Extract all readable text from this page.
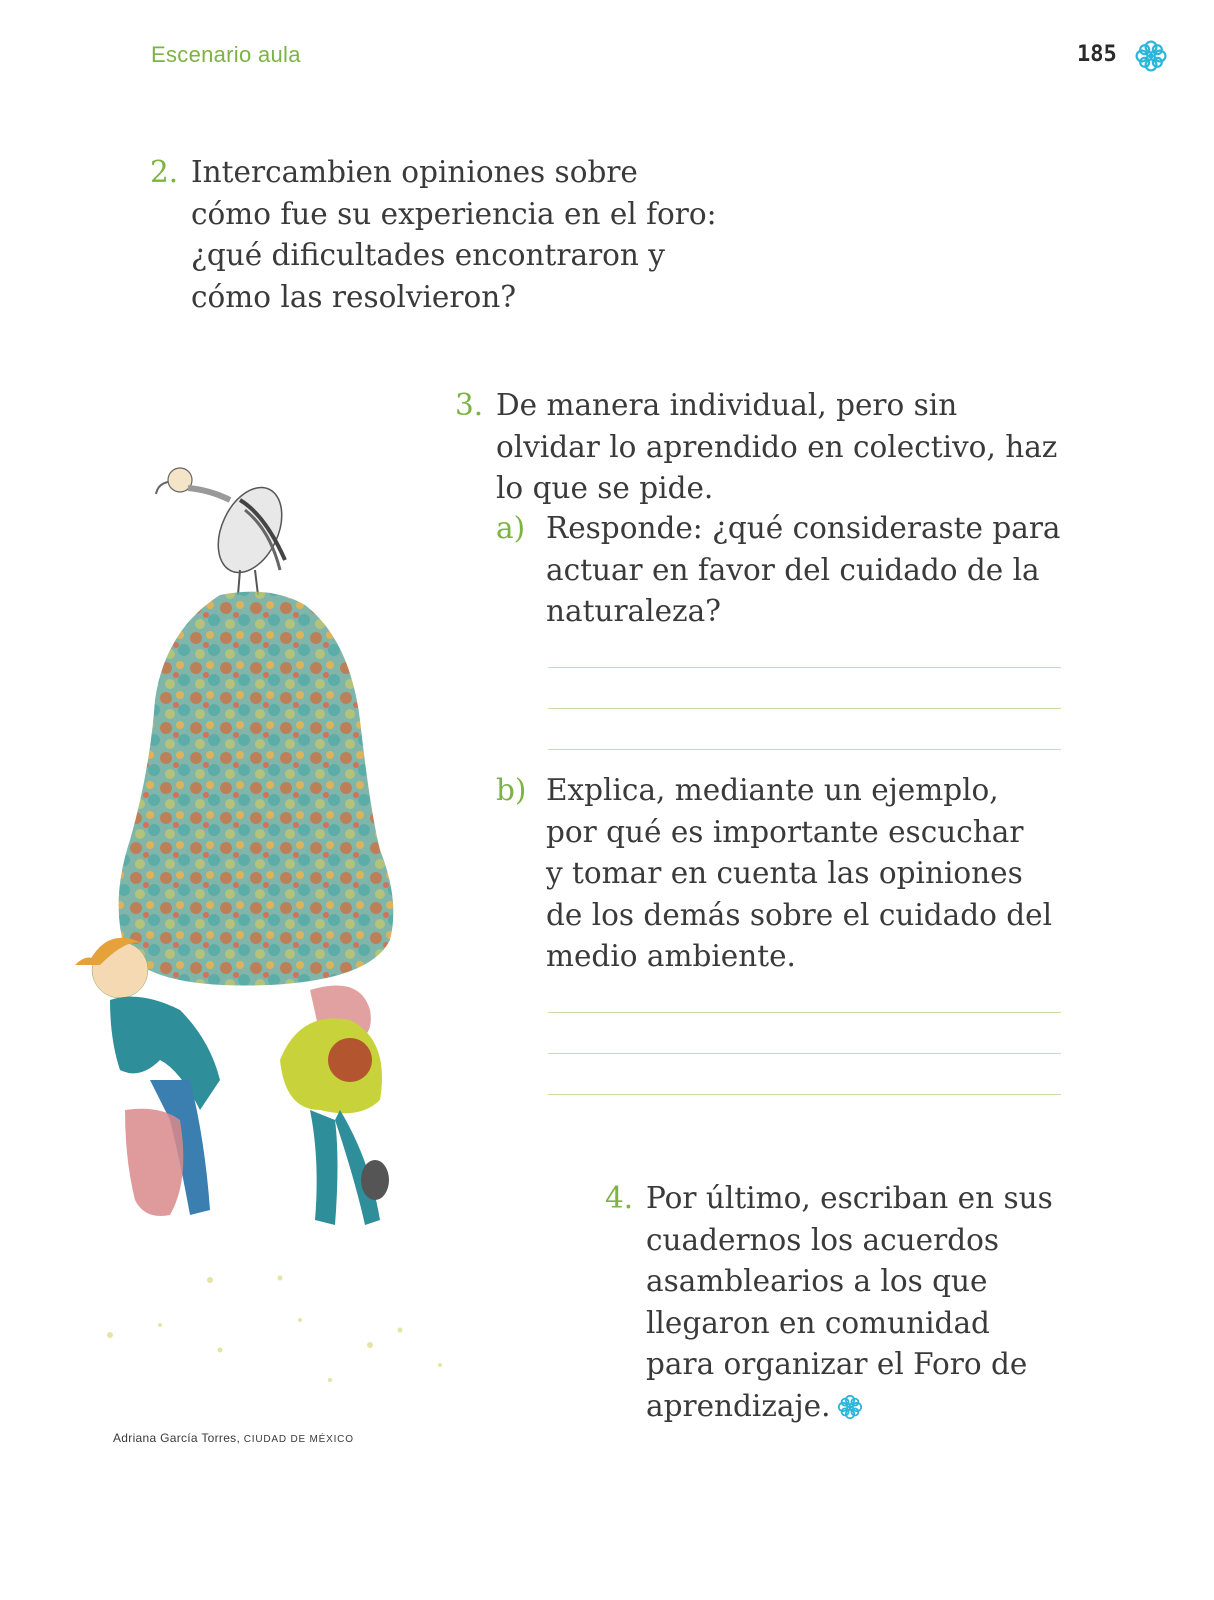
Escenario aula	185
2. Intercambien opiniones sobre
cómo fue su experiencia en el foro:
¿qué dificultades encontraron y
cómo las resolvieron?
3. De manera individual, pero sin
olvidar lo aprendido en colectivo, haz
lo que se pide.
a) Responde: ¿qué consideraste para
actuar en favor del cuidado de la
naturaleza?
b) Explica, mediante un ejemplo,
por qué es importante escuchar
y tomar en cuenta las opiniones
de los demás sobre el cuidado del
medio ambiente.
4. Por último, escriban en sus
cuadernos los acuerdos
asamblearios a los que
llegaron en comunidad
para organizar el Foro de
aprendizaje.
Adriana García Torres, CIUDAD DE MÉXICO
